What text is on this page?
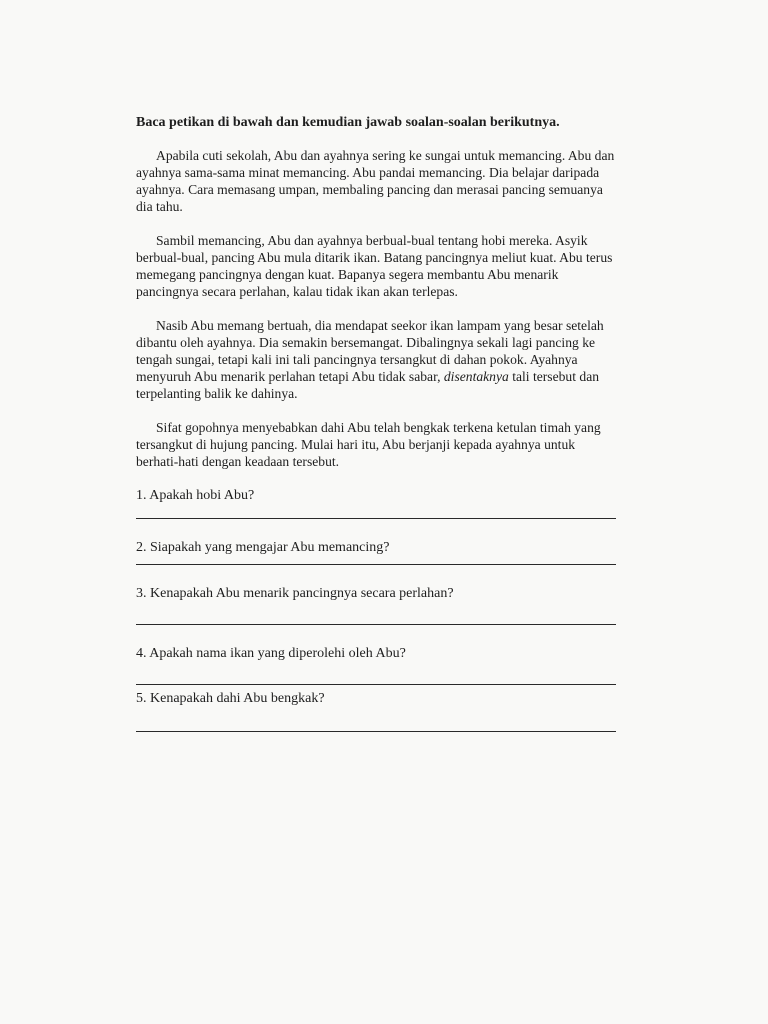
Baca petikan di bawah dan kemudian jawab soalan-soalan berikutnya.

Apabila cuti sekolah, Abu dan ayahnya sering ke sungai untuk memancing. Abu dan ayahnya sama-sama minat memancing. Abu pandai memancing. Dia belajar daripada ayahnya. Cara memasang umpan, membaling pancing dan merasai pancing semuanya dia tahu.

Sambil memancing, Abu dan ayahnya berbual-bual tentang hobi mereka. Asyik berbual-bual, pancing Abu mula ditarik ikan. Batang pancingnya meliut kuat. Abu terus memegang pancingnya dengan kuat. Bapanya segera membantu Abu menarik pancingnya secara perlahan, kalau tidak ikan akan terlepas.

Nasib Abu memang bertuah, dia mendapat seekor ikan lampam yang besar setelah dibantu oleh ayahnya. Dia semakin bersemangat. Dibalingnya sekali lagi pancing ke tengah sungai, tetapi kali ini tali pancingnya tersangkut di dahan pokok. Ayahnya menyuruh Abu menarik perlahan tetapi Abu tidak sabar, disentaknya tali tersebut dan terpelanting balik ke dahinya.

Sifat gopohnya menyebabkan dahi Abu telah bengkak terkena ketulan timah yang tersangkut di hujung pancing. Mulai hari itu, Abu berjanji kepada ayahnya untuk berhati-hati dengan keadaan tersebut.

1. Apakah hobi Abu?
2. Siapakah yang mengajar Abu memancing?
3. Kenapakah Abu menarik pancingnya secara perlahan?
4. Apakah nama ikan yang diperolehi oleh Abu?
5. Kenapakah dahi Abu bengkak?
